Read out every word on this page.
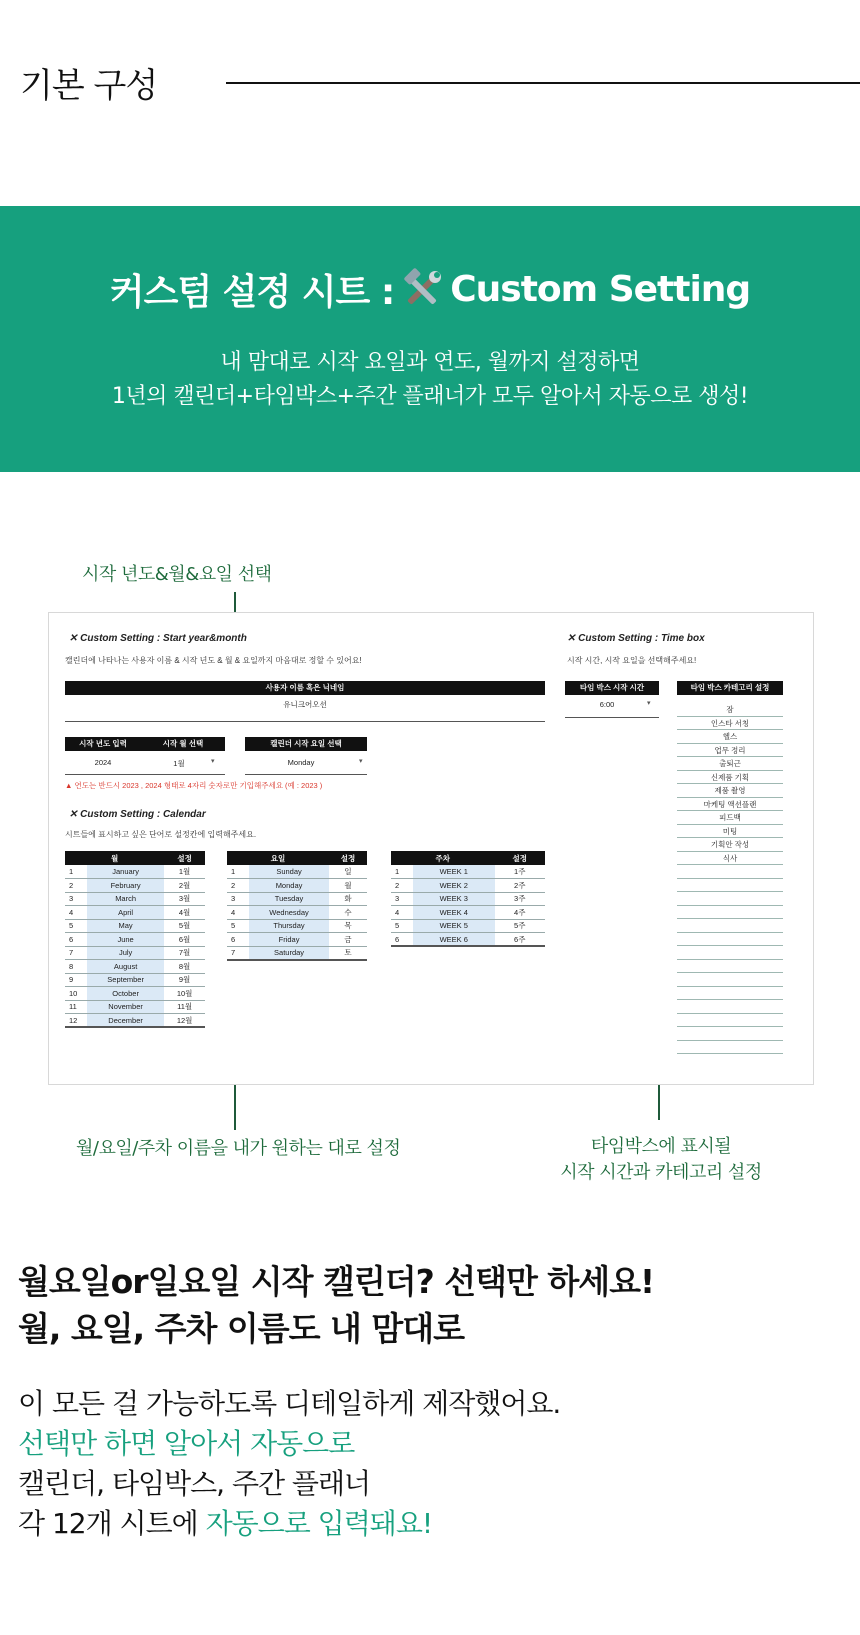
기본 구성
커스텀 설정 시트 : Custom Setting
내 맘대로 시작 요일과 연도, 월까지 설정하면
1년의 캘린더+타임박스+주간 플래너가 모두 알아서 자동으로 생성!
시작 년도&월&요일 선택
월/요일/주차 이름을 내가 원하는 대로 설정	타임박스에 표시될
시작 시간과 카테고리 설정
✕ Custom Setting : Start year&month
캘린더에 나타나는 사용자 이름 & 시작 년도 & 월 & 요일까지 마음대로 정할 수 있어요!
사용자 이름 혹은 닉네임
유니크어오션
시작 년도 입력	시작 월 선택	캘린더 시작 요일 선택
2024	1월	▾	Monday	▾
▲ 연도는 반드시 2023 , 2024 형태로 4자리 숫자로만 기입해주세요 (예 : 2023 )
✕ Custom Setting : Calendar
시트들에 표시하고 싶은 단어로 설정칸에 입력해주세요.
월		설정
1	January	1월
2	February	2월
3	March	3월
4	April	4월
5	May	5월
6	June	6월
7	July	7월
8	August	8월
9	September	9월
10	October	10월
11	November	11월
12	December	12월
요일		설정
1	Sunday	일
2	Monday	월
3	Tuesday	화
4	Wednesday	수
5	Thursday	목
6	Friday	금
7	Saturday	토
주차		설정
1	WEEK 1	1주
2	WEEK 2	2주
3	WEEK 3	3주
4	WEEK 4	4주
5	WEEK 5	5주
6	WEEK 6	6주
✕ Custom Setting : Time box
시작 시간, 시작 요일을 선택해주세요!
타임 박스 시작 시간
6:00	▾
타임 박스 카테고리 설정
잠
인스타 서칭
헬스
업무 정리
출퇴근
신제품 기획
제품 촬영
마케팅 액션플랜
피드백
미팅
기획안 작성
식사
월요일or일요일 시작 캘린더? 선택만 하세요!
월, 요일, 주차 이름도 내 맘대로
이 모든 걸 가능하도록 디테일하게 제작했어요.
선택만 하면 알아서 자동으로
캘린더, 타임박스, 주간 플래너
각 12개 시트에 자동으로 입력돼요!
